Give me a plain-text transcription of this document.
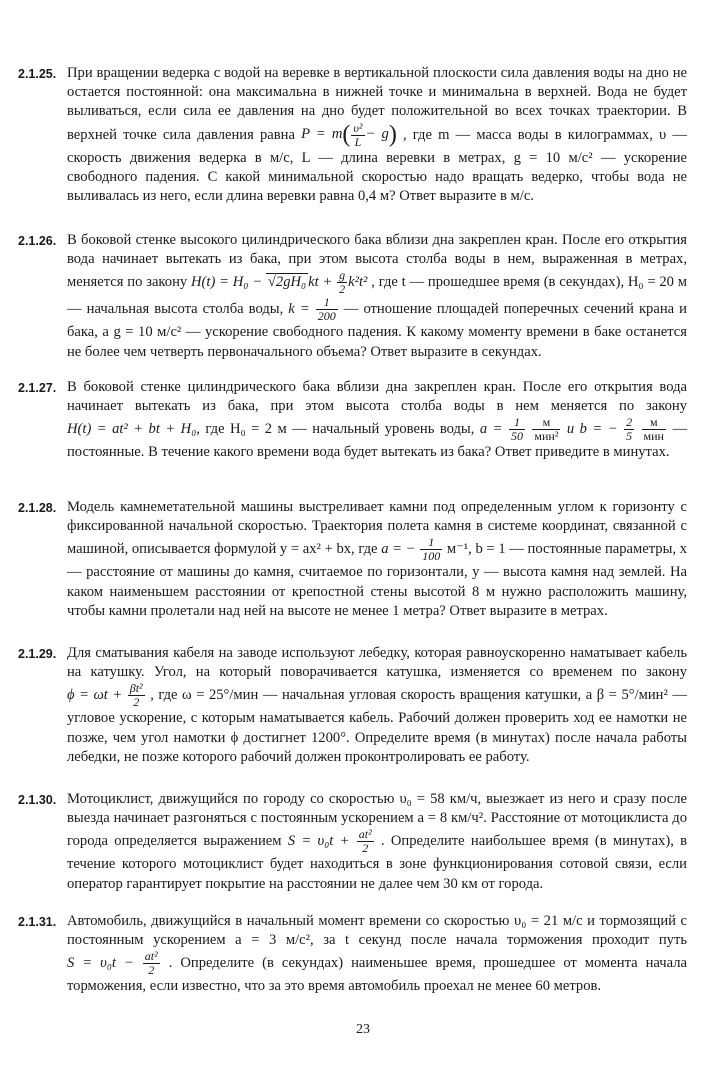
2.1.25. При вращении ведерка с водой на веревке в вертикальной плоскости сила давления воды на дно не остается постоянной: она максимальна в нижней точке и минимальна в верхней. Вода не будет выливаться, если сила ее давления на дно будет положительной во всех точках траектории. В верхней точке сила давления равна $P = m( \frac{\text{υ²}}{L} - g)$ , где m — масса воды в килограммах, υ — скорость движения ведерка в м/с, L — длина веревки в метрах, g = 10 м/с² — ускорение свободного падения. С какой минимальной скоростью надо вращать ведерко, чтобы вода не выливалась из него, если длина веревки равна 0,4 м? Ответ выразите в м/с.

2.1.26. В боковой стенке высокого цилиндрического бака вблизи дна закреплен кран. После его открытия вода начинает вытекать из бака, при этом высота столба воды в нем, выраженная в метрах, меняется по закону H(t) = H₀ − √2gH₀ kt + $\frac{g}{2} k^2t^2$ , где t — прошедшее время (в секундах), H₀ = 20 м — начальная высота столба воды, $k = \frac{1}{200}$ — отношение площадей поперечных сечений крана и бака, а g = 10 м/с² — ускорение свободного падения. К какому моменту времени в баке останется не более чем четверть первоначального объема? Ответ выразите в секундах.

2.1.27. В боковой стенке цилиндрического бака вблизи дна закреплен кран. После его открытия вода начинает вытекать из бака, при этом высота столба воды в нем меняется по закону H(t) = at² + bt + H₀, где H₀ = 2 м — начальный уровень воды, $a = \frac{1}{50}$
$\frac{м}{\text{мин²}}$ и b = − $\frac{2}{5}$
$\frac{м}{\text{мин}}$ — постоянные. В течение какого времени вода будет вытекать из бака? Ответ приведите в минутах.

2.1.28. Модель камнеметательной машины выстреливает камни под определенным углом к горизонту с фиксированной начальной скоростью. Траектория полета камня в системе координат, связанной с машиной, описывается формулой y = ax² + bx, где a = − $\frac{1}{100} м^{-1}$, b = 1 — постоянные параметры, x — расстояние от машины до камня, считаемое по горизонтали, y — высота камня над землей. На каком наименьшем расстоянии от крепостной стены высотой 8 м нужно расположить машину, чтобы камни пролетали над ней на высоте не менее 1 метра? Ответ выразите в метрах.

2.1.29. Для сматывания кабеля на заводе используют лебедку, которая равноускоренно наматывает кабель на катушку. Угол, на который поворачивается катушка, изменяется со временем по закону $\phi = \omega t + \frac{\text{βt²}}{2}$ , где ω = 25°/мин — начальная угловая скорость вращения катушки, а β = 5°/мин² — угловое ускорение, с которым наматывается кабель. Рабочий должен проверить ход ее намотки не позже, чем угол намотки ϕ достигнет 1200°. Определите время (в минутах) после начала работы лебедки, не позже которого рабочий должен проконтролировать ее работу.

2.1.30. Мотоциклист, движущийся по городу со скоростью υ₀ = 58 км/ч, выезжает из него и сразу после выезда начинает разгоняться с постоянным ускорением a = 8 км/ч². Расстояние от мотоциклиста до города определяется выражением $S = \upsilon_0t + \frac{\text{at²}}{2}$ . Определите наибольшее время (в минутах), в течение которого мотоциклист будет находиться в зоне функционирования сотовой связи, если оператор гарантирует покрытие на расстоянии не далее чем 30 км от города.

2.1.31. Автомобиль, движущийся в начальный момент времени со скоростью υ₀ = 21 м/с и тормозящий с постоянным ускорением a = 3 м/с², за t секунд после начала торможения проходит путь $S = \upsilon_0t - \frac{\text{at²}}{2}$ . Определите (в секундах) наименьшее время, прошедшее от момента начала торможения, если известно, что за это время автомобиль проехал не менее 60 метров.

23
